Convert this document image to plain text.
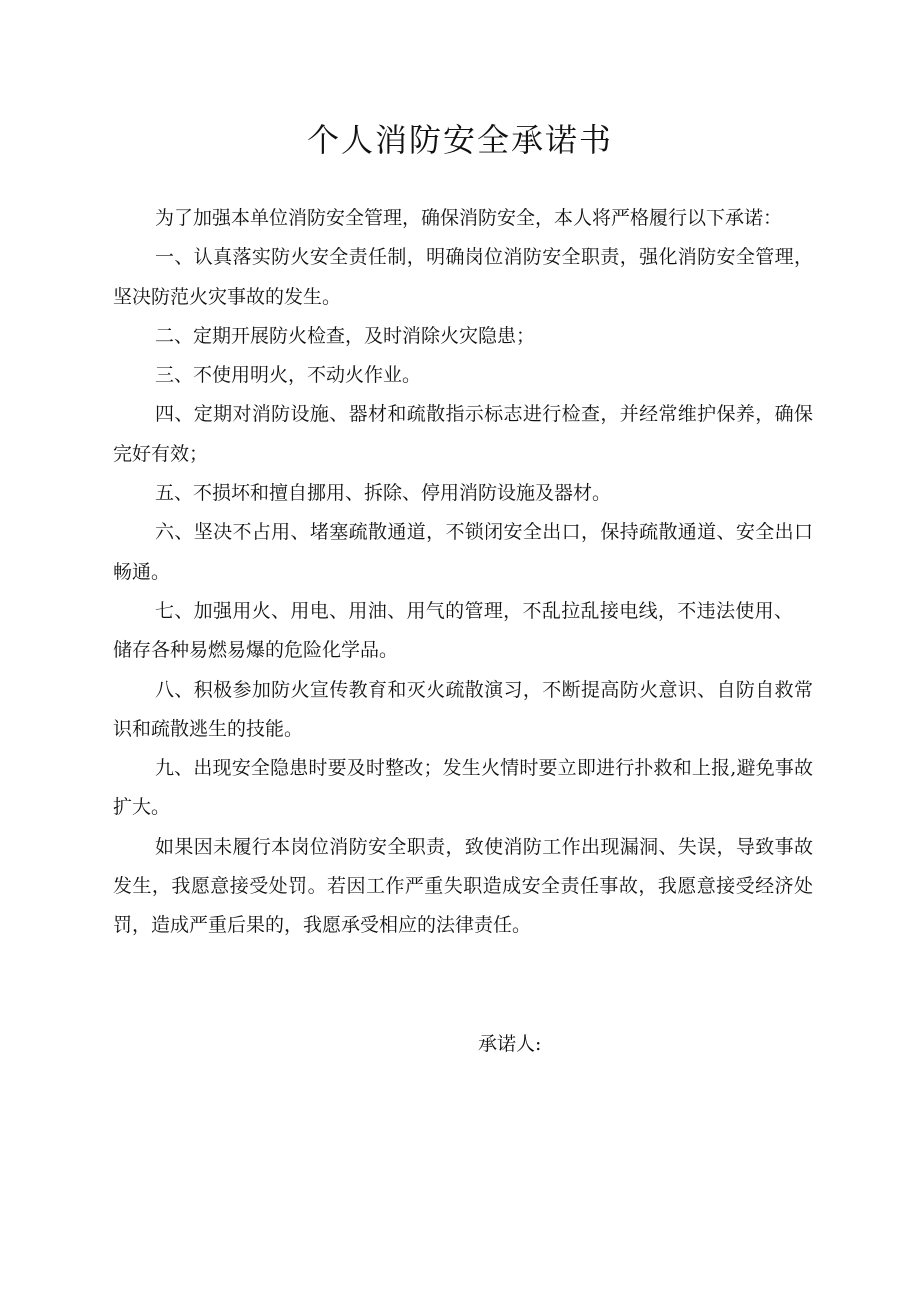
个人消防安全承诺书

为了加强本单位消防安全管理，确保消防安全，本人将严格履行以下承诺：

一、认真落实防火安全责任制，明确岗位消防安全职责，强化消防安全管理，坚决防范火灾事故的发生。

二、定期开展防火检查，及时消除火灾隐患；

三、不使用明火，不动火作业。

四、定期对消防设施、器材和疏散指示标志进行检查，并经常维护保养，确保完好有效；

五、不损坏和擅自挪用、拆除、停用消防设施及器材。

六、坚决不占用、堵塞疏散通道，不锁闭安全出口，保持疏散通道、安全出口畅通。

七、加强用火、用电、用油、用气的管理，不乱拉乱接电线，不违法使用、储存各种易燃易爆的危险化学品。

八、积极参加防火宣传教育和灭火疏散演习，不断提高防火意识、自防自救常识和疏散逃生的技能。

九、出现安全隐患时要及时整改；发生火情时要立即进行扑救和上报,避免事故扩大。

如果因未履行本岗位消防安全职责，致使消防工作出现漏洞、失误，导致事故发生，我愿意接受处罚。若因工作严重失职造成安全责任事故，我愿意接受经济处罚，造成严重后果的，我愿承受相应的法律责任。

承诺人:
